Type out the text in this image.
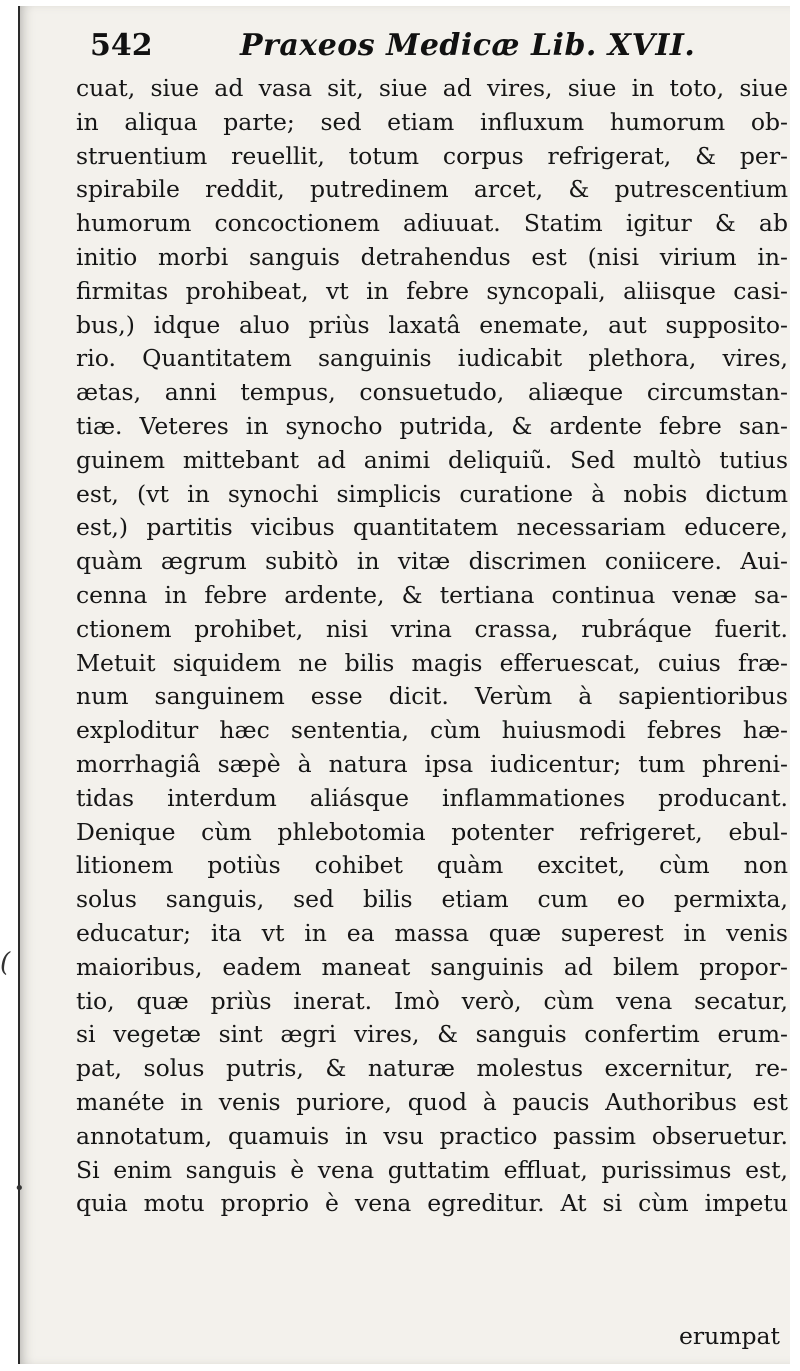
542	Praxeos Medicæ Lib. XVII.
cuat, siue ad vasa sit, siue ad vires, siue in toto, siue
in aliqua parte; sed etiam influxum humorum ob-
struentium reuellit, totum corpus refrigerat, & per-
spirabile reddit, putredinem arcet, & putrescentium
humorum concoctionem adiuuat. Statim igitur & ab
initio morbi sanguis detrahendus est (nisi virium in-
firmitas prohibeat, vt in febre syncopali, aliisque casi-
bus,) idque aluo priùs laxatâ enemate, aut supposito-
rio. Quantitatem sanguinis iudicabit plethora, vires,
ætas, anni tempus, consuetudo, aliæque circumstan-
tiæ. Veteres in synocho putrida, & ardente febre san-
guinem mittebant ad animi deliquiũ. Sed multò tutius
est, (vt in synochi simplicis curatione à nobis dictum
est,) partitis vicibus quantitatem necessariam educere,
quàm ægrum subitò in vitæ discrimen coniicere. Aui-
cenna in febre ardente, & tertiana continua venæ sa-
ctionem prohibet, nisi vrina crassa, rubráque fuerit.
Metuit siquidem ne bilis magis efferuescat, cuius fræ-
num sanguinem esse dicit. Verùm à sapientioribus
exploditur hæc sententia, cùm huiusmodi febres hæ-
morrhagiâ sæpè à natura ipsa iudicentur; tum phreni-
tidas interdum aliásque inflammationes producant.
Denique cùm phlebotomia potenter refrigeret, ebul-
litionem potiùs cohibet quàm excitet, cùm non
solus sanguis, sed bilis etiam cum eo permixta,
educatur; ita vt in ea massa quæ superest in venis
maioribus, eadem maneat sanguinis ad bilem propor-
tio, quæ priùs inerat. Imò verò, cùm vena secatur,
si vegetæ sint ægri vires, & sanguis confertim erum-
pat, solus putris, & naturæ molestus excernitur, re-
manéte in venis puriore, quod à paucis Authoribus est
annotatum, quamuis in vsu practico passim obseruetur.
Si enim sanguis è vena guttatim effluat, purissimus est,
quia motu proprio è vena egreditur. At si cùm impetu
erumpat
(
•
